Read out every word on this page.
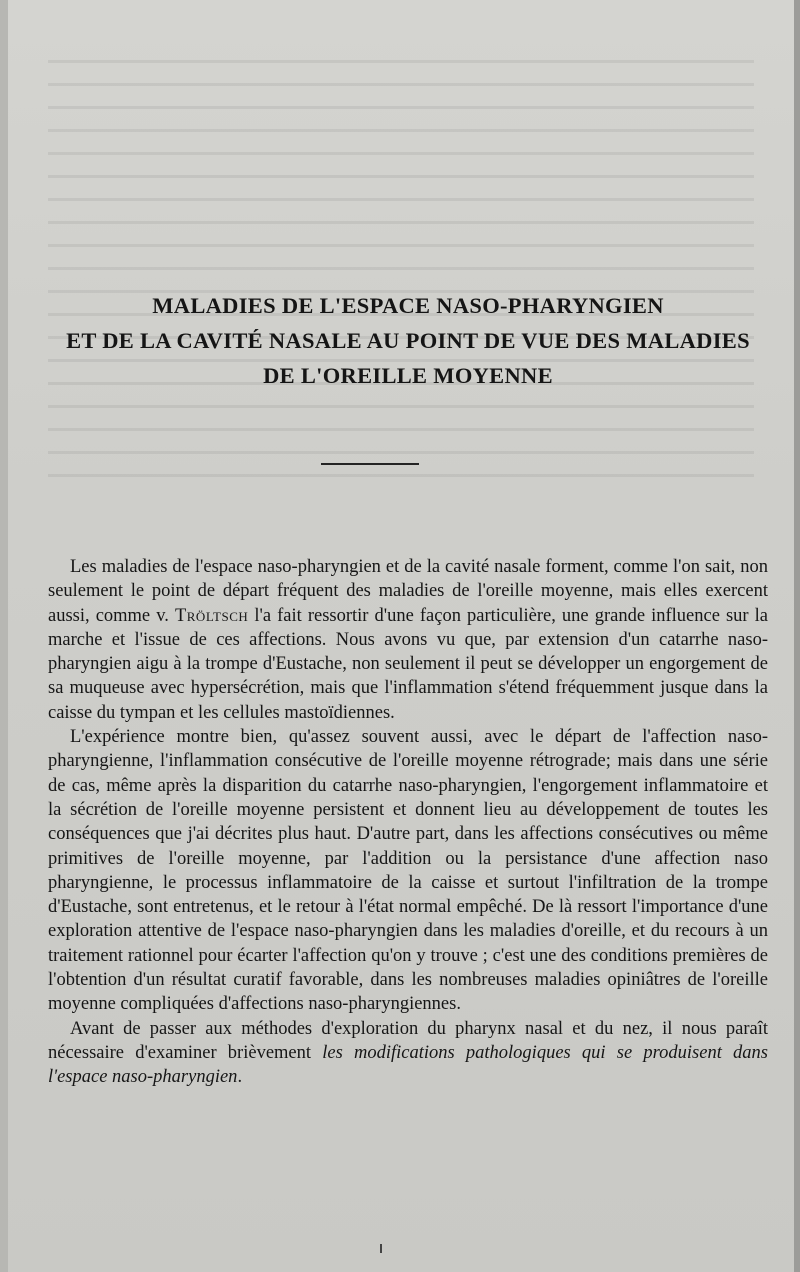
MALADIES DE L'ESPACE NASO-PHARYNGIEN
ET DE LA CAVITÉ NASALE AU POINT DE VUE DES MALADIES
DE L'OREILLE MOYENNE

Les maladies de l'espace naso-pharyngien et de la cavité nasale forment, comme l'on sait, non seulement le point de départ fréquent des maladies de l'oreille moyenne, mais elles exercent aussi, comme v. Tröltsch l'a fait ressortir d'une façon particulière, une grande influence sur la marche et l'issue de ces affections. Nous avons vu que, par extension d'un catarrhe naso-pharyngien aigu à la trompe d'Eustache, non seulement il peut se développer un engorgement de sa muqueuse avec hypersécrétion, mais que l'inflammation s'étend fréquemment jusque dans la caisse du tympan et les cellules mastoïdiennes.

L'expérience montre bien, qu'assez souvent aussi, avec le départ de l'affection naso-pharyngienne, l'inflammation consécutive de l'oreille moyenne rétrograde; mais dans une série de cas, même après la disparition du catarrhe naso-pharyngien, l'engorgement inflammatoire et la sécrétion de l'oreille moyenne persistent et donnent lieu au développement de toutes les conséquences que j'ai décrites plus haut. D'autre part, dans les affections consécutives ou même primitives de l'oreille moyenne, par l'addition ou la persistance d'une affection naso pharyngienne, le processus inflammatoire de la caisse et surtout l'infiltration de la trompe d'Eustache, sont entretenus, et le retour à l'état normal empêché. De là ressort l'importance d'une exploration attentive de l'espace naso-pharyngien dans les maladies d'oreille, et du recours à un traitement rationnel pour écarter l'affection qu'on y trouve ; c'est une des conditions premières de l'obtention d'un résultat curatif favorable, dans les nombreuses maladies opiniâtres de l'oreille moyenne compliquées d'affections naso-pharyngiennes.

Avant de passer aux méthodes d'exploration du pharynx nasal et du nez, il nous paraît nécessaire d'examiner brièvement les modifications pathologiques qui se produisent dans l'espace naso-pharyngien.
